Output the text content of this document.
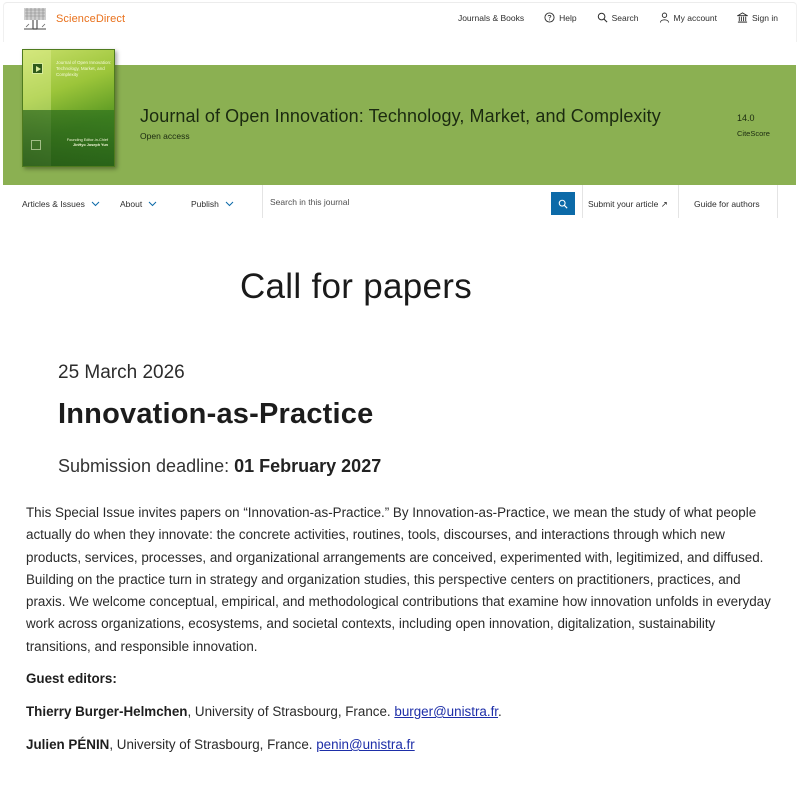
ScienceDirect	Journals & Books	Help	Search	My account	Sign in
Journal of Open Innovation: Technology, Market, and Complexity
Founding Editor-in-Chief
JinHyo Joseph Yun
Journal of Open Innovation: Technology, Market, and Complexity
Open access
14.0
CiteScore
Articles & Issues	About	Publish
Search in this journal	Submit your article ↗	Guide for authors
Call for papers
25 March 2026
Innovation-as-Practice
Submission deadline: 01 February 2027

This Special Issue invites papers on “Innovation-as-Practice.” By Innovation-as-Practice, we mean the study of what people actually do when they innovate: the concrete activities, routines, tools, discourses, and interactions through which new products, services, processes, and organizational arrangements are conceived, experimented with, legitimized, and diffused. Building on the practice turn in strategy and organization studies, this perspective centers on practitioners, practices, and praxis. We welcome conceptual, empirical, and methodological contributions that examine how innovation unfolds in everyday work across organizations, ecosystems, and societal contexts, including open innovation, digitalization, sustainability transitions, and responsible innovation.

Guest editors:
Thierry Burger-Helmchen, University of Strasbourg, France. burger@unistra.fr.
Julien PÉNIN, University of Strasbourg, France. penin@unistra.fr
